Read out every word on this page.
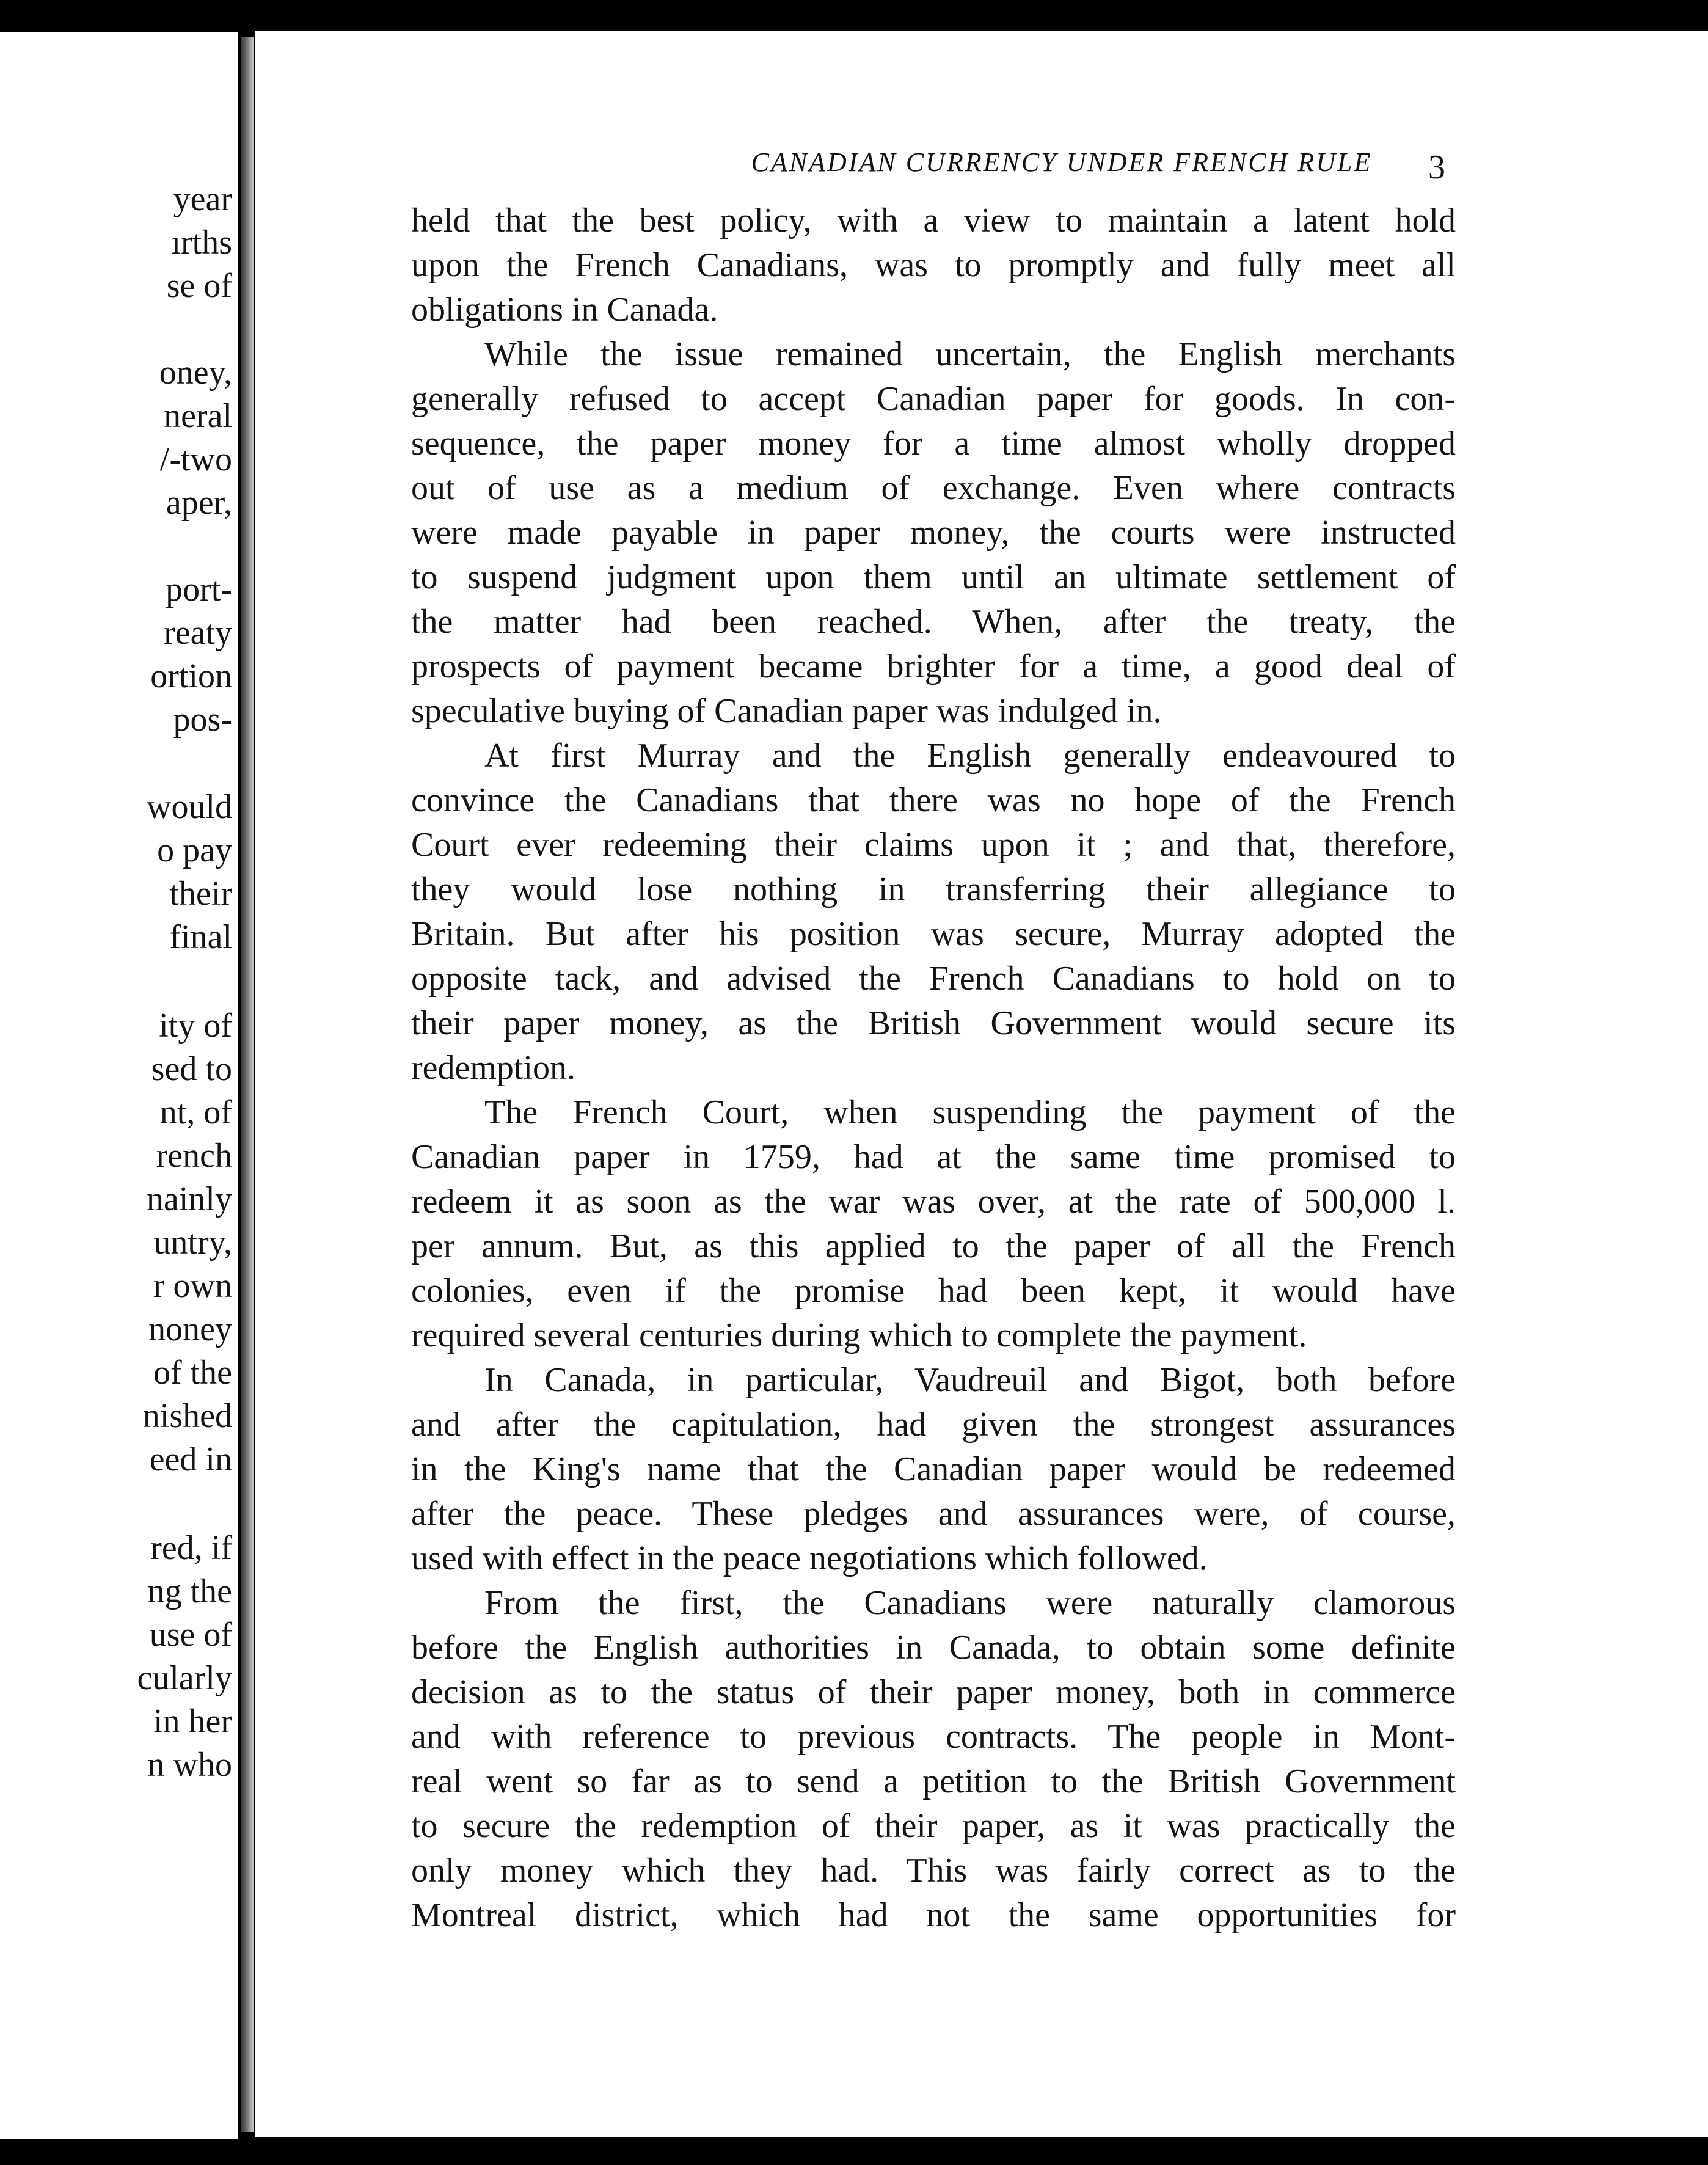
year
ırths
se of
oney,
neral
/-two
aper,
port-
reaty
ortion
pos-
would
o pay
their
final
ity of
sed to
nt, of
rench
nainly
untry,
r own
noney
of the
nished
eed in
red, if
ng the
use of
cularly
in her
n who
CANADIAN CURRENCY UNDER FRENCH RULE	3
held that the best policy, with a view to maintain a latent hold
upon the French Canadians, was to promptly and fully meet all
obligations in Canada.
While the issue remained uncertain, the English merchants
generally refused to accept Canadian paper for goods. In con-
sequence, the paper money for a time almost wholly dropped
out of use as a medium of exchange. Even where contracts
were made payable in paper money, the courts were instructed
to suspend judgment upon them until an ultimate settlement of
the matter had been reached. When, after the treaty, the
prospects of payment became brighter for a time, a good deal of
speculative buying of Canadian paper was indulged in.
At first Murray and the English generally endeavoured to
convince the Canadians that there was no hope of the French
Court ever redeeming their claims upon it ; and that, therefore,
they would lose nothing in transferring their allegiance to
Britain. But after his position was secure, Murray adopted the
opposite tack, and advised the French Canadians to hold on to
their paper money, as the British Government would secure its
redemption.
The French Court, when suspending the payment of the
Canadian paper in 1759, had at the same time promised to
redeem it as soon as the war was over, at the rate of 500,000 l.
per annum. But, as this applied to the paper of all the French
colonies, even if the promise had been kept, it would have
required several centuries during which to complete the payment.
In Canada, in particular, Vaudreuil and Bigot, both before
and after the capitulation, had given the strongest assurances
in the King's name that the Canadian paper would be redeemed
after the peace. These pledges and assurances were, of course,
used with effect in the peace negotiations which followed.
From the first, the Canadians were naturally clamorous
before the English authorities in Canada, to obtain some definite
decision as to the status of their paper money, both in commerce
and with reference to previous contracts. The people in Mont-
real went so far as to send a petition to the British Government
to secure the redemption of their paper, as it was practically the
only money which they had. This was fairly correct as to the
Montreal district, which had not the same opportunities for
